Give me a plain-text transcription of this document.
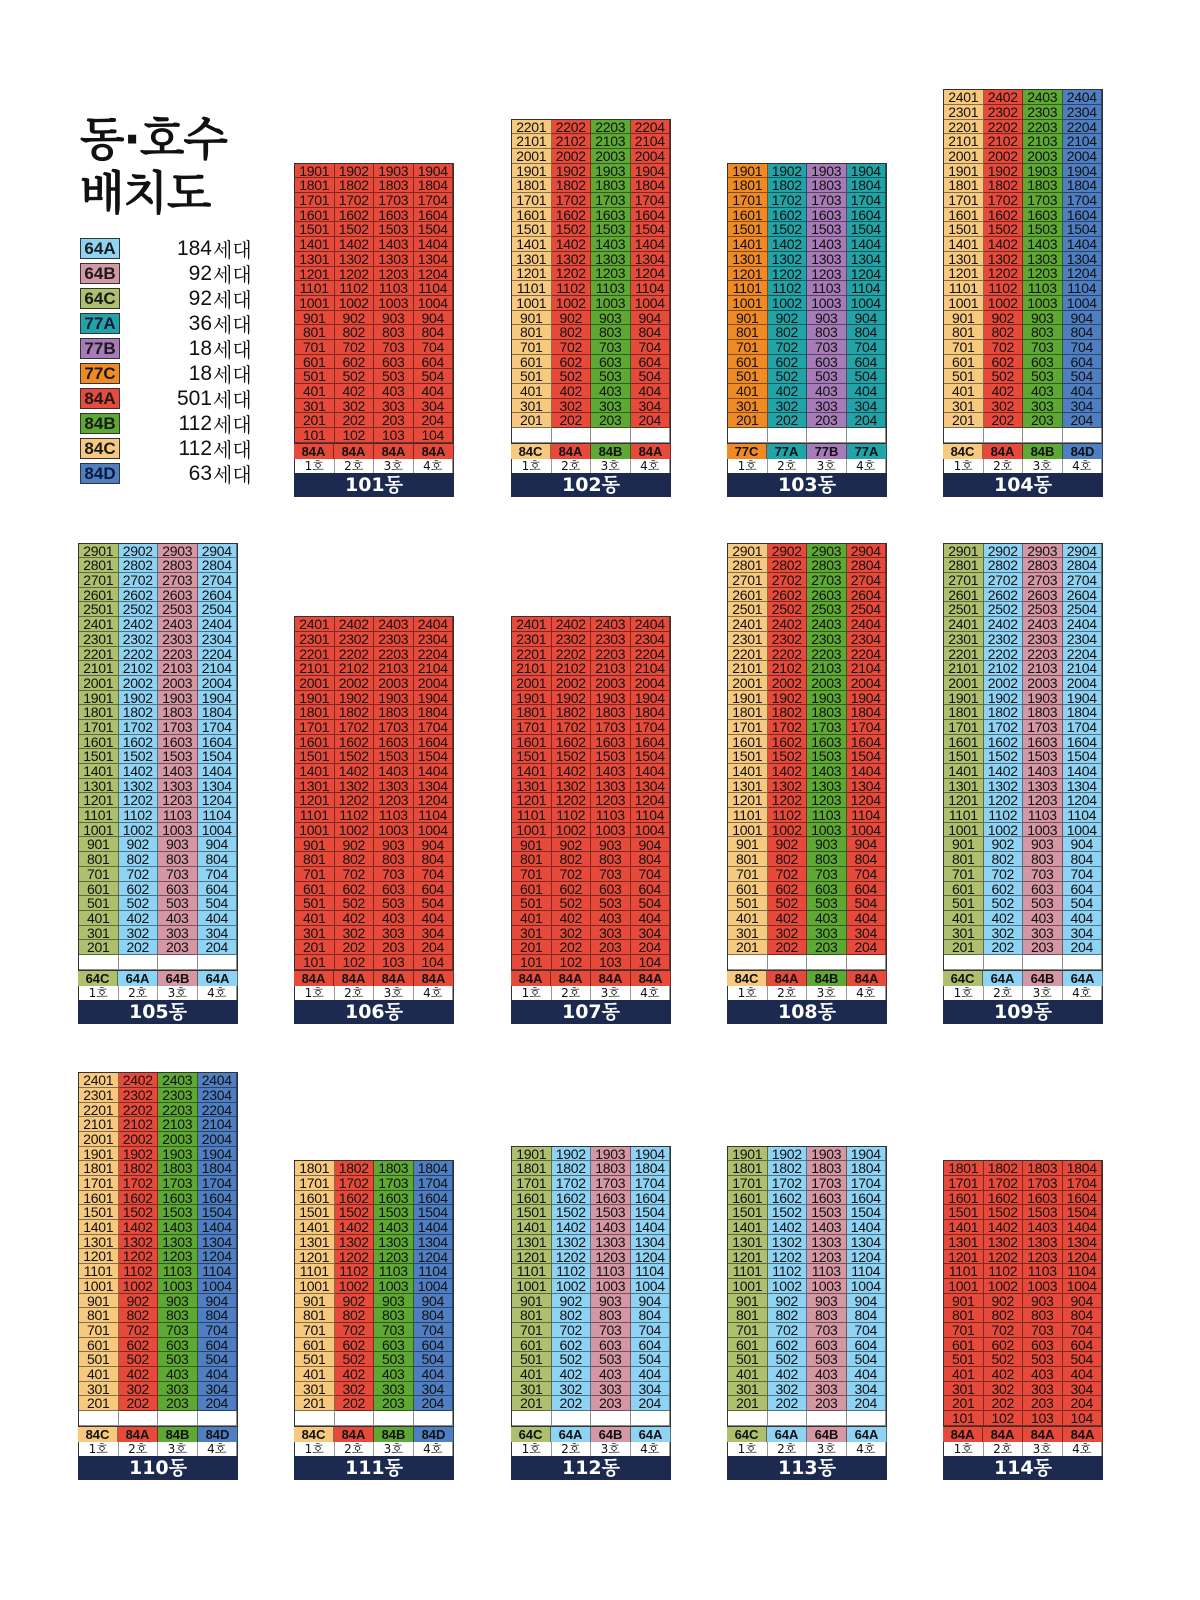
동·호수
배치도
64A	184 세대
64B	92 세대
64C	92 세대
77A	36 세대
77B	18 세대
77C	18 세대
84A	501 세대
84B	112 세대
84C	112 세대
84D	63 세대
1901 1902 1903 1904
1801 1802 1803 1804
1701 1702 1703 1704
1601 1602 1603 1604
1501 1502 1503 1504
1401 1402 1403 1404
1301 1302 1303 1304
1201 1202 1203 1204
1101 1102 1103 1104
1001 1002 1003 1004
901	902	903	904
801	802	803	804
701	702	703	704
601	602	603	604
501	502	503	504
401	402	403	404
301	302	303	304
201	202	203	204
101	102	103	104
84A	84A	84A	84A
1호	2호	3호	4호
101동
2201 2202 2203 2204
2101 2102 2103 2104
2001 2002 2003 2004
1901 1902 1903 1904
1801 1802 1803 1804
1701 1702 1703 1704
1601 1602 1603 1604
1501 1502 1503 1504
1401 1402 1403 1404
1301 1302 1303 1304
1201 1202 1203 1204
1101 1102 1103 1104
1001 1002 1003 1004
901	902	903	904
801	802	803	804
701	702	703	704
601	602	603	604
501	502	503	504
401	402	403	404
301	302	303	304
201	202	203	204
84C	84A	84B	84A
1호	2호	3호	4호
102동
1901 1902 1903 1904
1801 1802 1803 1804
1701 1702 1703 1704
1601 1602 1603 1604
1501 1502 1503 1504
1401 1402 1403 1404
1301 1302 1303 1304
1201 1202 1203 1204
1101 1102 1103 1104
1001 1002 1003 1004
901	902	903	904
801	802	803	804
701	702	703	704
601	602	603	604
501	502	503	504
401	402	403	404
301	302	303	304
201	202	203	204
77C	77A	77B	77A
1호	2호	3호	4호
103동
2401 2402 2403 2404
2301 2302 2303 2304
2201 2202 2203 2204
2101 2102 2103 2104
2001 2002 2003 2004
1901 1902 1903 1904
1801 1802 1803 1804
1701 1702 1703 1704
1601 1602 1603 1604
1501 1502 1503 1504
1401 1402 1403 1404
1301 1302 1303 1304
1201 1202 1203 1204
1101 1102 1103 1104
1001 1002 1003 1004
901	902	903	904
801	802	803	804
701	702	703	704
601	602	603	604
501	502	503	504
401	402	403	404
301	302	303	304
201	202	203	204
84C	84A	84B	84D
1호	2호	3호	4호
104동
2901 2902 2903 2904
2801 2802 2803 2804
2701 2702 2703 2704
2601 2602 2603 2604
2501 2502 2503 2504
2401 2402 2403 2404
2301 2302 2303 2304
2201 2202 2203 2204
2101 2102 2103 2104
2001 2002 2003 2004
1901 1902 1903 1904
1801 1802 1803 1804
1701 1702 1703 1704
1601 1602 1603 1604
1501 1502 1503 1504
1401 1402 1403 1404
1301 1302 1303 1304
1201 1202 1203 1204
1101 1102 1103 1104
1001 1002 1003 1004
901	902	903	904
801	802	803	804
701	702	703	704
601	602	603	604
501	502	503	504
401	402	403	404
301	302	303	304
201	202	203	204
64C	64A	64B	64A
1호	2호	3호	4호
105동
2401 2402 2403 2404
2301 2302 2303 2304
2201 2202 2203 2204
2101 2102 2103 2104
2001 2002 2003 2004
1901 1902 1903 1904
1801 1802 1803 1804
1701 1702 1703 1704
1601 1602 1603 1604
1501 1502 1503 1504
1401 1402 1403 1404
1301 1302 1303 1304
1201 1202 1203 1204
1101 1102 1103 1104
1001 1002 1003 1004
901	902	903	904
801	802	803	804
701	702	703	704
601	602	603	604
501	502	503	504
401	402	403	404
301	302	303	304
201	202	203	204
101	102	103	104
84A	84A	84A	84A
1호	2호	3호	4호
106동
2401 2402 2403 2404
2301 2302 2303 2304
2201 2202 2203 2204
2101 2102 2103 2104
2001 2002 2003 2004
1901 1902 1903 1904
1801 1802 1803 1804
1701 1702 1703 1704
1601 1602 1603 1604
1501 1502 1503 1504
1401 1402 1403 1404
1301 1302 1303 1304
1201 1202 1203 1204
1101 1102 1103 1104
1001 1002 1003 1004
901	902	903	904
801	802	803	804
701	702	703	704
601	602	603	604
501	502	503	504
401	402	403	404
301	302	303	304
201	202	203	204
101	102	103	104
84A	84A	84A	84A
1호	2호	3호	4호
107동
2901 2902 2903 2904
2801 2802 2803 2804
2701 2702 2703 2704
2601 2602 2603 2604
2501 2502 2503 2504
2401 2402 2403 2404
2301 2302 2303 2304
2201 2202 2203 2204
2101 2102 2103 2104
2001 2002 2003 2004
1901 1902 1903 1904
1801 1802 1803 1804
1701 1702 1703 1704
1601 1602 1603 1604
1501 1502 1503 1504
1401 1402 1403 1404
1301 1302 1303 1304
1201 1202 1203 1204
1101 1102 1103 1104
1001 1002 1003 1004
901	902	903	904
801	802	803	804
701	702	703	704
601	602	603	604
501	502	503	504
401	402	403	404
301	302	303	304
201	202	203	204
84C	84A	84B	84A
1호	2호	3호	4호
108동
2901 2902 2903 2904
2801 2802 2803 2804
2701 2702 2703 2704
2601 2602 2603 2604
2501 2502 2503 2504
2401 2402 2403 2404
2301 2302 2303 2304
2201 2202 2203 2204
2101 2102 2103 2104
2001 2002 2003 2004
1901 1902 1903 1904
1801 1802 1803 1804
1701 1702 1703 1704
1601 1602 1603 1604
1501 1502 1503 1504
1401 1402 1403 1404
1301 1302 1303 1304
1201 1202 1203 1204
1101 1102 1103 1104
1001 1002 1003 1004
901	902	903	904
801	802	803	804
701	702	703	704
601	602	603	604
501	502	503	504
401	402	403	404
301	302	303	304
201	202	203	204
64C	64A	64B	64A
1호	2호	3호	4호
109동
2401 2402 2403 2404
2301 2302 2303 2304
2201 2202 2203 2204
2101 2102 2103 2104
2001 2002 2003 2004
1901 1902 1903 1904
1801 1802 1803 1804
1701 1702 1703 1704
1601 1602 1603 1604
1501 1502 1503 1504
1401 1402 1403 1404
1301 1302 1303 1304
1201 1202 1203 1204
1101 1102 1103 1104
1001 1002 1003 1004
901	902	903	904
801	802	803	804
701	702	703	704
601	602	603	604
501	502	503	504
401	402	403	404
301	302	303	304
201	202	203	204
84C	84A	84B	84D
1호	2호	3호	4호
110동
1801 1802 1803 1804
1701 1702 1703 1704
1601 1602 1603 1604
1501 1502 1503 1504
1401 1402 1403 1404
1301 1302 1303 1304
1201 1202 1203 1204
1101 1102 1103 1104
1001 1002 1003 1004
901	902	903	904
801	802	803	804
701	702	703	704
601	602	603	604
501	502	503	504
401	402	403	404
301	302	303	304
201	202	203	204
84C	84A	84B	84D
1호	2호	3호	4호
111동
1901 1902 1903 1904
1801 1802 1803 1804
1701 1702 1703 1704
1601 1602 1603 1604
1501 1502 1503 1504
1401 1402 1403 1404
1301 1302 1303 1304
1201 1202 1203 1204
1101 1102 1103 1104
1001 1002 1003 1004
901	902	903	904
801	802	803	804
701	702	703	704
601	602	603	604
501	502	503	504
401	402	403	404
301	302	303	304
201	202	203	204
64C	64A	64B	64A
1호	2호	3호	4호
112동
1901 1902 1903 1904
1801 1802 1803 1804
1701 1702 1703 1704
1601 1602 1603 1604
1501 1502 1503 1504
1401 1402 1403 1404
1301 1302 1303 1304
1201 1202 1203 1204
1101 1102 1103 1104
1001 1002 1003 1004
901	902	903	904
801	802	803	804
701	702	703	704
601	602	603	604
501	502	503	504
401	402	403	404
301	302	303	304
201	202	203	204
64C	64A	64B	64A
1호	2호	3호	4호
113동
1801 1802 1803 1804
1701 1702 1703 1704
1601 1602 1603 1604
1501 1502 1503 1504
1401 1402 1403 1404
1301 1302 1303 1304
1201 1202 1203 1204
1101 1102 1103 1104
1001 1002 1003 1004
901	902	903	904
801	802	803	804
701	702	703	704
601	602	603	604
501	502	503	504
401	402	403	404
301	302	303	304
201	202	203	204
101	102	103	104
84A	84A	84A	84A
1호	2호	3호	4호
114동
